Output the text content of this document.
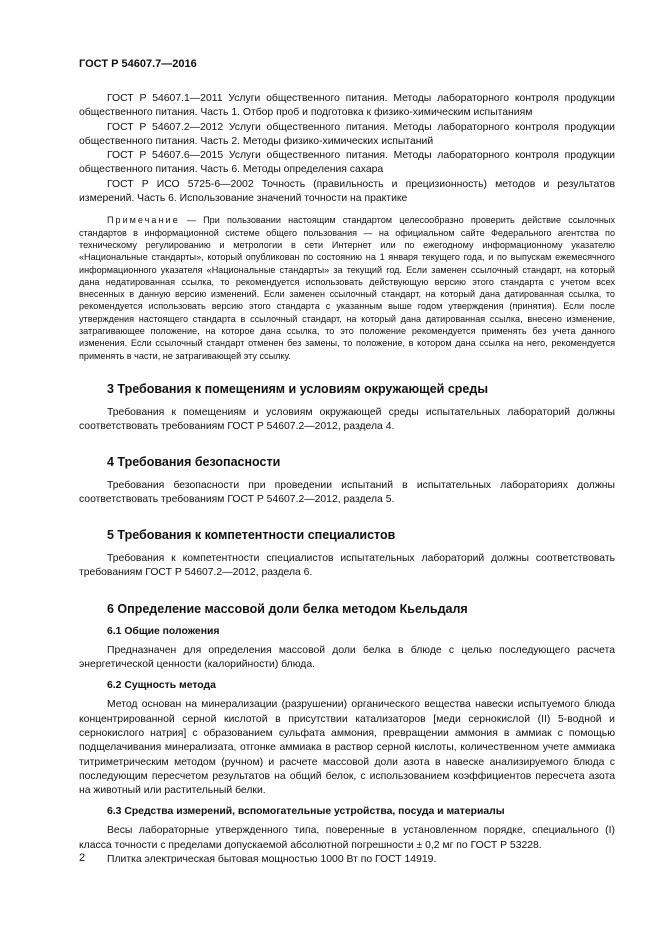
ГОСТ Р 54607.7—2016

ГОСТ Р 54607.1—2011 Услуги общественного питания. Методы лабораторного контроля продукции общественного питания. Часть 1. Отбор проб и подготовка к физико-химическим испытаниям

ГОСТ Р 54607.2—2012 Услуги общественного питания. Методы лабораторного контроля продукции общественного питания. Часть 2. Методы физико-химических испытаний

ГОСТ Р 54607.6—2015 Услуги общественного питания. Методы лабораторного контроля продукции общественного питания. Часть 6. Методы определения сахара

ГОСТ Р ИСО 5725-6—2002 Точность (правильность и прецизионность) методов и результатов измерений. Часть 6. Использование значений точности на практике

Примечание — При пользовании настоящим стандартом целесообразно проверить действие ссылочных стандартов в информационной системе общего пользования — на официальном сайте Федерального агентства по техническому регулированию и метрологии в сети Интернет или по ежегодному информационному указателю «Национальные стандарты», который опубликован по состоянию на 1 января текущего года, и по выпускам ежемесячного информационного указателя «Национальные стандарты» за текущий год. Если заменен ссылочный стандарт, на который дана недатированная ссылка, то рекомендуется использовать действующую версию этого стандарта с учетом всех внесенных в данную версию изменений. Если заменен ссылочный стандарт, на который дана датированная ссылка, то рекомендуется использовать версию этого стандарта с указанным выше годом утверждения (принятия). Если после утверждения настоящего стандарта в ссылочный стандарт, на который дана датированная ссылка, внесено изменение, затрагивающее положение, на которое дана ссылка, то это положение рекомендуется применять без учета данного изменения. Если ссылочный стандарт отменен без замены, то положение, в котором дана ссылка на него, рекомендуется применять в части, не затрагивающей эту ссылку.
3 Требования к помещениям и условиям окружающей среды

Требования к помещениям и условиям окружающей среды испытательных лабораторий должны соответствовать требованиям ГОСТ Р 54607.2—2012, раздела 4.

4 Требования безопасности

Требования безопасности при проведении испытаний в испытательных лабораториях должны соответствовать требованиям ГОСТ Р 54607.2—2012, раздела 5.

5 Требования к компетентности специалистов

Требования к компетентности специалистов испытательных лабораторий должны соответствовать требованиям ГОСТ Р 54607.2—2012, раздела 6.

6 Определение массовой доли белка методом Кьельдаля
6.1 Общие положения

Предназначен для определения массовой доли белка в блюде с целью последующего расчета энергетической ценности (калорийности) блюда.

6.2 Сущность метода

Метод основан на минерализации (разрушении) органического вещества навески испытуемого блюда концентрированной серной кислотой в присутствии катализаторов [меди сернокислой (II) 5-водной и сернокислого натрия] с образованием сульфата аммония, превращении аммония в аммиак с помощью подщелачивания минерализата, отгонке аммиака в раствор серной кислоты, количественном учете аммиака титриметрическим методом (ручном) и расчете массовой доли азота в навеске анализируемого блюда с последующим пересчетом результатов на общий белок, с использованием коэффициентов пересчета азота на животный или растительный белки.

6.3 Средства измерений, вспомогательные устройства, посуда и материалы

Весы лабораторные утвержденного типа, поверенные в установленном порядке, специального (I) класса точности с пределами допускаемой абсолютной погрешности ± 0,2 мг по ГОСТ Р 53228.

Плитка электрическая бытовая мощностью 1000 Вт по ГОСТ 14919.

2
